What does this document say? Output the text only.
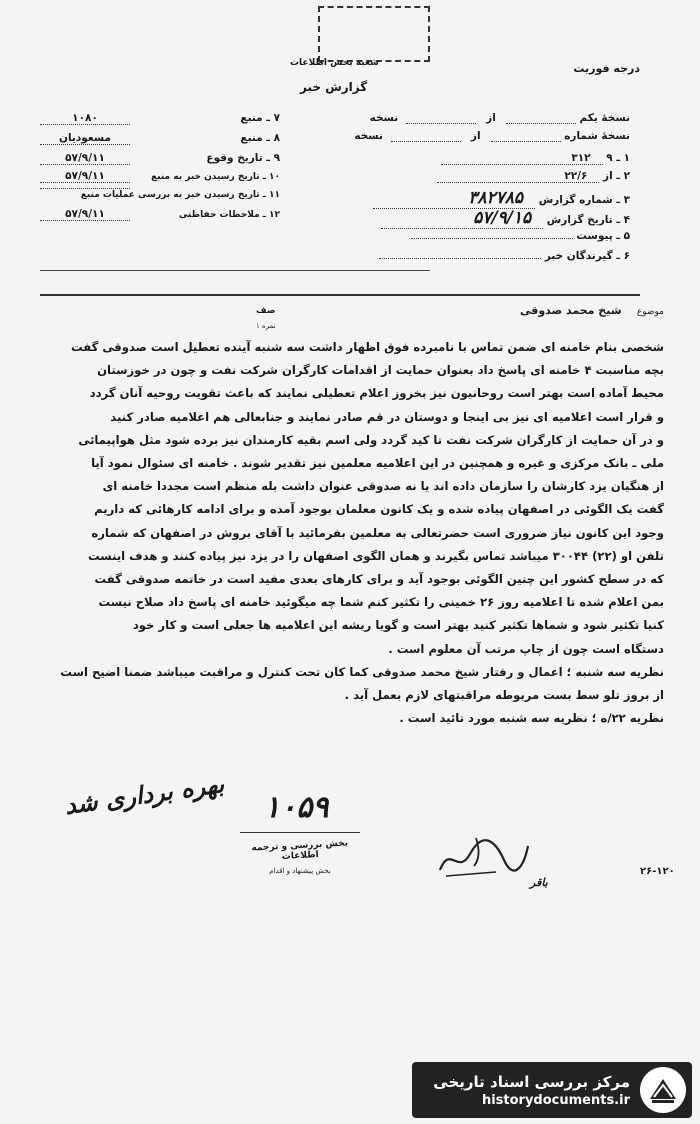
درجه فوریت
شعبه بخش اطلاعات
گزارش خبر
نسخهٔ یکم ازنسخه
نسخهٔ شماره ازنسخه
۱ ـ ۹ ۳۱۲
۲ ـ از ۲۲/۶
۳ ـ شماره گزارش ۳۸۲۷۸۵
۴ ـ تاریخ گزارش ۵۷/۹/۱۵
۵ ـ پیوست
۶ ـ گیرندگان خبر
۷ ـ منبع
۱۰۸۰
۸ ـ منبع
مسعودیان
۹ ـ تاریخ وقوع
۵۷/۹/۱۱
۱۰ ـ تاریخ رسیدن خبر به منبع
۵۷/۹/۱۱
۱۱ ـ تاریخ رسیدن خبر به بررسی عملیات منبع
۱۲ ـ ملاحظات حفاظتی
۵۷/۹/۱۱
موضوع    شیخ محمد صدوقی
صف
نمره ۱

شخصی بنام خامنه ای ضمن تماس با نامبرده فوق اظهار داشت سه شنبه آینده تعطیل است صدوقی گفت

بچه مناسبت ۴ خامنه ای پاسخ داد بعنوان حمایت از اقدامات کارگران شرکت نفت و چون در خوزستان

محیط آماده است بهتر است روحانیون نیز بخروز اعلام تعطیلی نمایند که باعث تقویت روحیه آنان گردد

و قرار است اعلامیه ای نیز بی اینجا و دوستان در قم صادر نمایند و جنابعالی هم اعلامیه صادر کنید

و در آن حمایت از کارگران شرکت نفت تا کید گردد ولی اسم بقیه کارمندان نیز برده شود مثل هواپیمائی

ملی ـ بانک مرکزی و غیره و همچنین در این اعلامیه معلمین نیز تقدیر شوند . خامنه ای سئوال نمود آیا

از هنگیان یزد کارشان را سازمان داده اند یا نه صدوقی عنوان داشت بله منظم است مجددا خامنه ای

گفت یک الگوئی در اصفهان پیاده شده و یک کانون معلمان بوجود آمده و برای ادامه کارهائی که داریم

وجود این کانون نیاز ضروری است حضرتعالی به معلمین بفرمائید با آقای بروش در اصفهان که شماره

تلفن او (۲۲) ۳۰۰۴۴ میباشد تماس بگیرند و همان الگوی اصفهان را در یزد نیز پیاده کنند و هدف اینست

که در سطح کشور این چنین الگوئی بوجود آید و برای کارهای بعدی مفید است در خاتمه صدوقی گفت

بمن اعلام شده تا اعلامیه روز ۲۶ خمینی را تکثیر کنم شما چه میگوئید خامنه ای پاسخ داد صلاح نیست

کنیا تکثیر شود و شماها تکثیر کنید بهتر است و گویا ریشه این اعلامیه ها جعلی است و کار خود

دستگاه است چون از چاپ مرتب آن معلوم است .

نظریه سه شنبه ؛ اعمال و رفتار شیخ محمد صدوقی کما کان تحت کنترل و مراقبت میباشد ضمنا اضیح است

از بروز تلو سط بست مربوطه مراقبتهای لازم بعمل آید .

نظریه ۲۲/ه ؛ نظریه سه شنبه مورد تائید است .

بهره برداری شد ۱۰۵۹
بخش بررسی و ترجمه اطلاعات
بخش پیشنهاد و اقدام
باقر
۲۶-۱۲۰
مرکز بررسی اسناد تاریخی
historydocuments.ir
